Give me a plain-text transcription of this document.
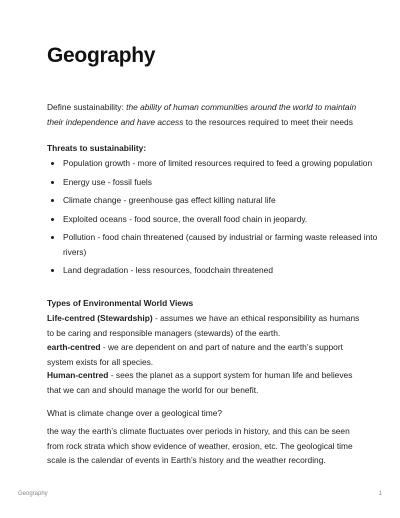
Geography
Define sustainability: the ability of human communities around the world to maintain their independence and have access to the resources required to meet their needs
Threats to sustainability:
• Population growth - more of limited resources required to feed a growing population
• Energy use - fossil fuels
• Climate change - greenhouse gas effect killing natural life
• Exploited oceans - food source, the overall food chain in jeopardy.
• Pollution - food chain threatened (caused by industrial or farming waste released into rivers)
• Land degradation - less resources, foodchain threatened
Types of Environmental World Views
Life-centred (Stewardship) - assumes we have an ethical responsibility as humans to be caring and responsible managers (stewards) of the earth.
earth-centred - we are dependent on and part of nature and the earth’s support system exists for all species.
Human-centred - sees the planet as a support system for human life and believes that we can and should manage the world for our benefit.
What is climate change over a geological time?
the way the earth’s climate fluctuates over periods in history, and this can be seen from rock strata which show evidence of weather, erosion, etc. The geological time scale is the calendar of events in Earth’s history and the weather recording.
Geography	1
